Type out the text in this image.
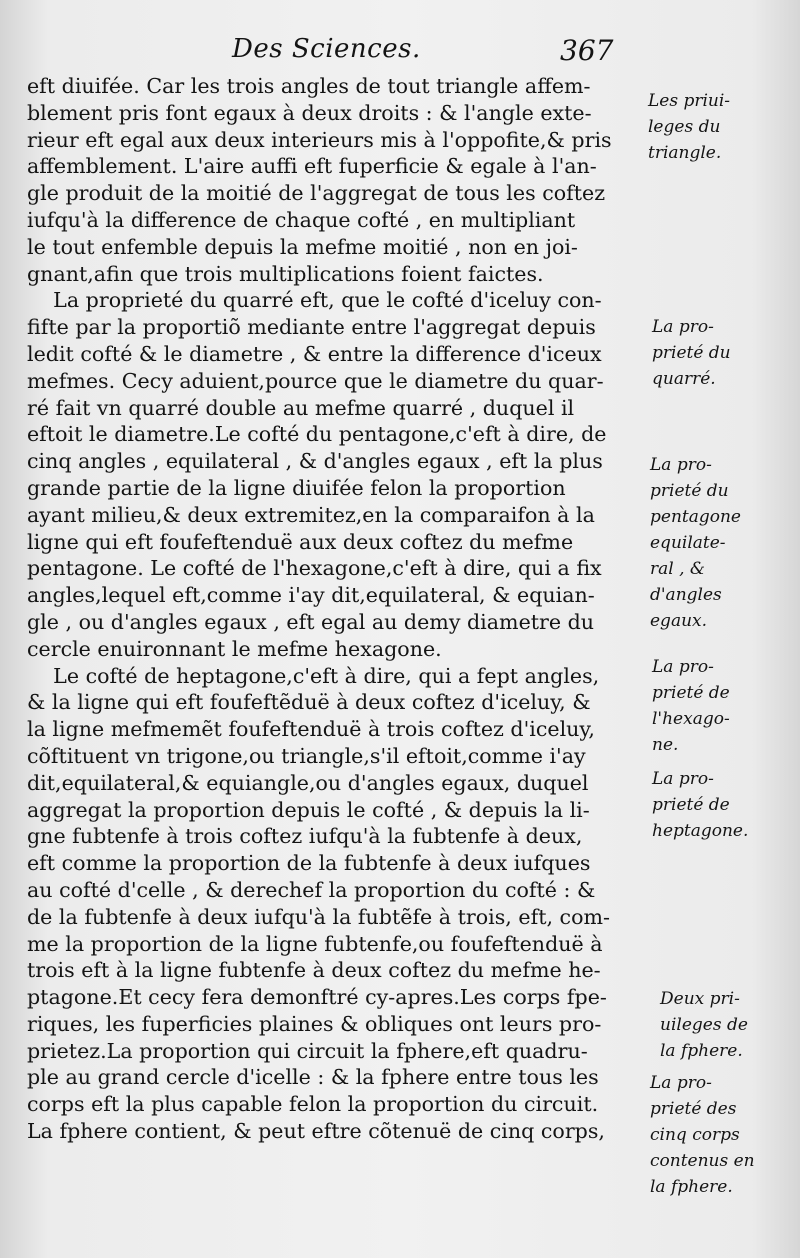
Des Sciences.	367
eft diuifée. Car les trois angles de tout triangle affem-
blement pris font egaux à deux droits : & l'angle exte-
rieur eft egal aux deux interieurs mis à l'oppofite,& pris
affemblement. L'aire auffi eft fuperficie & egale à l'an-
gle produit de la moitié de l'aggregat de tous les coftez
iufqu'à la difference de chaque cofté , en multipliant
le tout enfemble depuis la mefme moitié , non en joi-
gnant,afin que trois multiplications foient faictes.
La proprieté du quarré eft, que le cofté d'iceluy con-
fifte par la proportiõ mediante entre l'aggregat depuis
ledit cofté & le diametre , & entre la difference d'iceux
mefmes. Cecy aduient,pource que le diametre du quar-
ré fait vn quarré double au mefme quarré , duquel il
eftoit le diametre.Le cofté du pentagone,c'eft à dire, de
cinq angles , equilateral , & d'angles egaux , eft la plus
grande partie de la ligne diuifée felon la proportion
ayant milieu,& deux extremitez,en la comparaifon à la
ligne qui eft foufeftenduë aux deux coftez du mefme
pentagone. Le cofté de l'hexagone,c'eft à dire, qui a fix
angles,lequel eft,comme i'ay dit,equilateral, & equian-
gle , ou d'angles egaux , eft egal au demy diametre du
cercle enuironnant le mefme hexagone.
Le cofté de heptagone,c'eft à dire, qui a fept angles,
& la ligne qui eft foufeftẽduë à deux coftez d'iceluy, &
la ligne mefmemẽt foufeftenduë à trois coftez d'iceluy,
cõftituent vn trigone,ou triangle,s'il eftoit,comme i'ay
dit,equilateral,& equiangle,ou d'angles egaux, duquel
aggregat la proportion depuis le cofté , & depuis la li-
gne fubtenfe à trois coftez iufqu'à la fubtenfe à deux,
eft comme la proportion de la fubtenfe à deux iufques
au cofté d'celle , & derechef la proportion du cofté : &
de la fubtenfe à deux iufqu'à la fubtẽfe à trois, eft, com-
me la proportion de la ligne fubtenfe,ou foufeftenduë à
trois eft à la ligne fubtenfe à deux coftez du mefme he-
ptagone.Et cecy fera demonftré cy-apres.Les corps fpe-
riques, les fuperficies plaines & obliques ont leurs pro-
prietez.La proportion qui circuit la fphere,eft quadru-
ple au grand cercle d'icelle : & la fphere entre tous les
corps eft la plus capable felon la proportion du circuit.
La fphere contient, & peut eftre cõtenuë de cinq corps,
Les priui-
leges du
triangle.
La pro-
prieté du
quarré.
La pro-
prieté du
pentagone
equilate-
ral , &
d'angles
egaux.
La pro-
prieté de
l'hexago-
ne.
La pro-
prieté de
heptagone.
Deux pri-
uileges de
la fphere.
La pro-
prieté des
cinq corps
contenus en
la fphere.
